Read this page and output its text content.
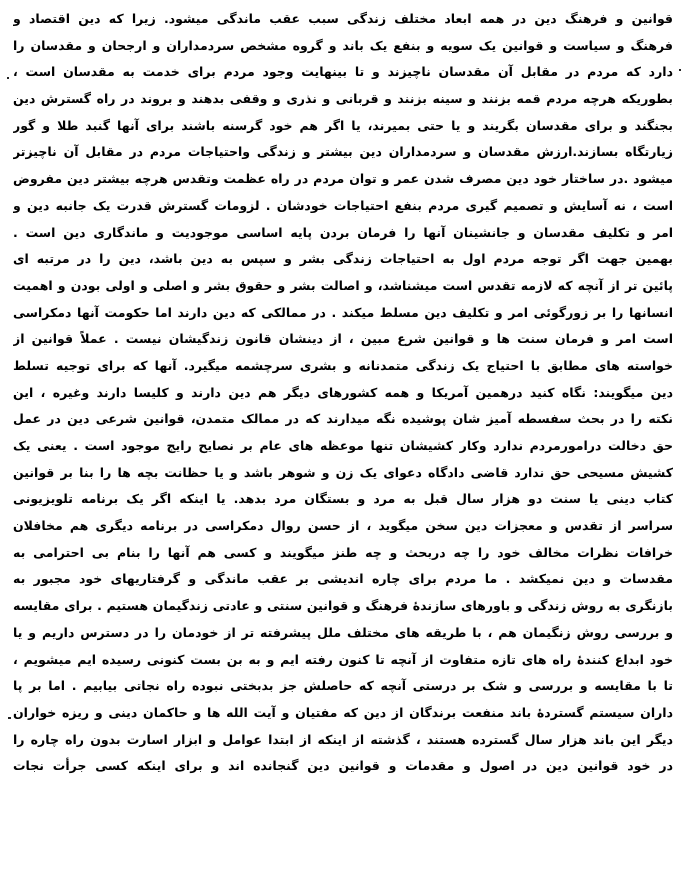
قوانین و فرهنگ دین در همه ابعاد مختلف زندگی سبب عقب ماندگی میشود. زیرا که دین اقتصاد و
فرهنگ و سیاست و قوانین یک سویه و بنفع یک باند و گروه مشخص سردمداران و ارجحان و مقدسان را
دارد که مردم در مقابل آن مقدسان ناچیزند و تا بینهایت وجود مردم برای خدمت به مقدسان است ،
بطوریکه هرچه مردم قمه بزنند و سینه بزنند و قربانی و نذری و وقفی بدهند و بروند در راه گسترش دین
بجنگند و برای مقدسان بگریند و یا حتی بمیرند، یا اگر هم خود گرسنه باشند برای آنها گنبد طلا و گور
زیارتگاه بسازند.ارزش مقدسان و سردمداران دین بیشتر و زندگی واحتیاجات مردم در مقابل آن ناچیزتر
میشود .در ساختار خود دین مصرف شدن عمر و توان مردم در راه عظمت وتقدس هرچه بیشتر دین مفروض
است ، نه آسایش و تصمیم گیری مردم بنفع احتیاجات خودشان . لزومات گسترش قدرت یک جانبه دین و
امر و تکلیف مقدسان و جانشینان آنها را فرمان بردن پایه اساسی موجودیت و ماندگاری دین است .
بهمین جهت اگر توجه مردم اول به احتیاجات زندگی بشر و سپس به دین باشد، دین را در مرتبه ای
پائین تر از آنچه که لازمه تقدس است میشناشد، و اصالت بشر و حقوق بشر و اصلی و اولی بودن و اهمیت
انسانها را بر زورگوئی امر و تکلیف دین مسلط میکند . در ممالکی که دین دارند اما حکومت آنها دمکراسی
است امر و فرمان سنت ها و قوانین شرع مبین ، از دینشان قانون زندگیشان نیست . عملاً قوانین از
خواسته های مطابق با احتیاج یک زندگی متمدنانه و بشری سرچشمه میگیرد. آنها که برای توجیه تسلط
دین میگویند: نگاه کنید درهمین آمریکا و همه کشورهای دیگر هم دین دارند و کلیسا دارند وغیره ، این
نکته را در بحث سفسطه آمیز شان پوشیده نگه میدارند که در ممالک متمدن، قوانین شرعی دین در عمل
حق دخالت درامورمردم ندارد وکار کشیشان تنها موعظه های عام بر نصایح رایج موجود است . یعنی یک
کشیش مسیحی حق ندارد قاضی دادگاه دعوای یک زن و شوهر باشد و یا حظانت بچه ها را بنا بر قوانین
کتاب دینی یا سنت دو هزار سال قبل به مرد و بستگان مرد بدهد. یا اینکه اگر یک برنامه تلویزیونی
سراسر از تقدس و معجزات دین سخن میگوید ، از حسن روال دمکراسی در برنامه دیگری هم مخافلان
خرافات نظرات مخالف خود را چه دربحث و چه طنز میگویند و کسی هم آنها را بنام بی احترامی به
مقدسات و دین نمیکشد . ما مردم برای چاره اندیشی بر عقب ماندگی و گرفتاریهای خود مجبور به
بازنگری به روش زندگی و باورهای سازندهٔ فرهنگ و قوانین سنتی و عادتی زندگیمان هستیم . برای مقایسه
و بررسی روش زنگیمان هم ، با طریقه های مختلف ملل پیشرفته تر از خودمان را در دسترس داریم و یا
خود ابداع کنندهٔ راه های تازه متفاوت از آنچه تا کنون رفته ایم و به بن بست کنونی رسیده ایم میشویم ،
تا با مقایسه و بررسی و شک بر درستی آنچه که حاصلش جز بدبختی نبوده راه نجاتی بیابیم . اما بر پا
داران سیستم گستردهٔ باند منفعت برندگان از دین که مفتیان و آیت الله ها و حاکمان دینی و ریزه خواران
دیگر این باند هزار سال گسترده هستند ، گذشته از اینکه از ابتدا عوامل و ابزار اسارت بدون راه چاره را
در خود قوانین دین در اصول و مقدمات و قوانین دین گنجانده اند و برای اینکه کسی جرأت نجات
